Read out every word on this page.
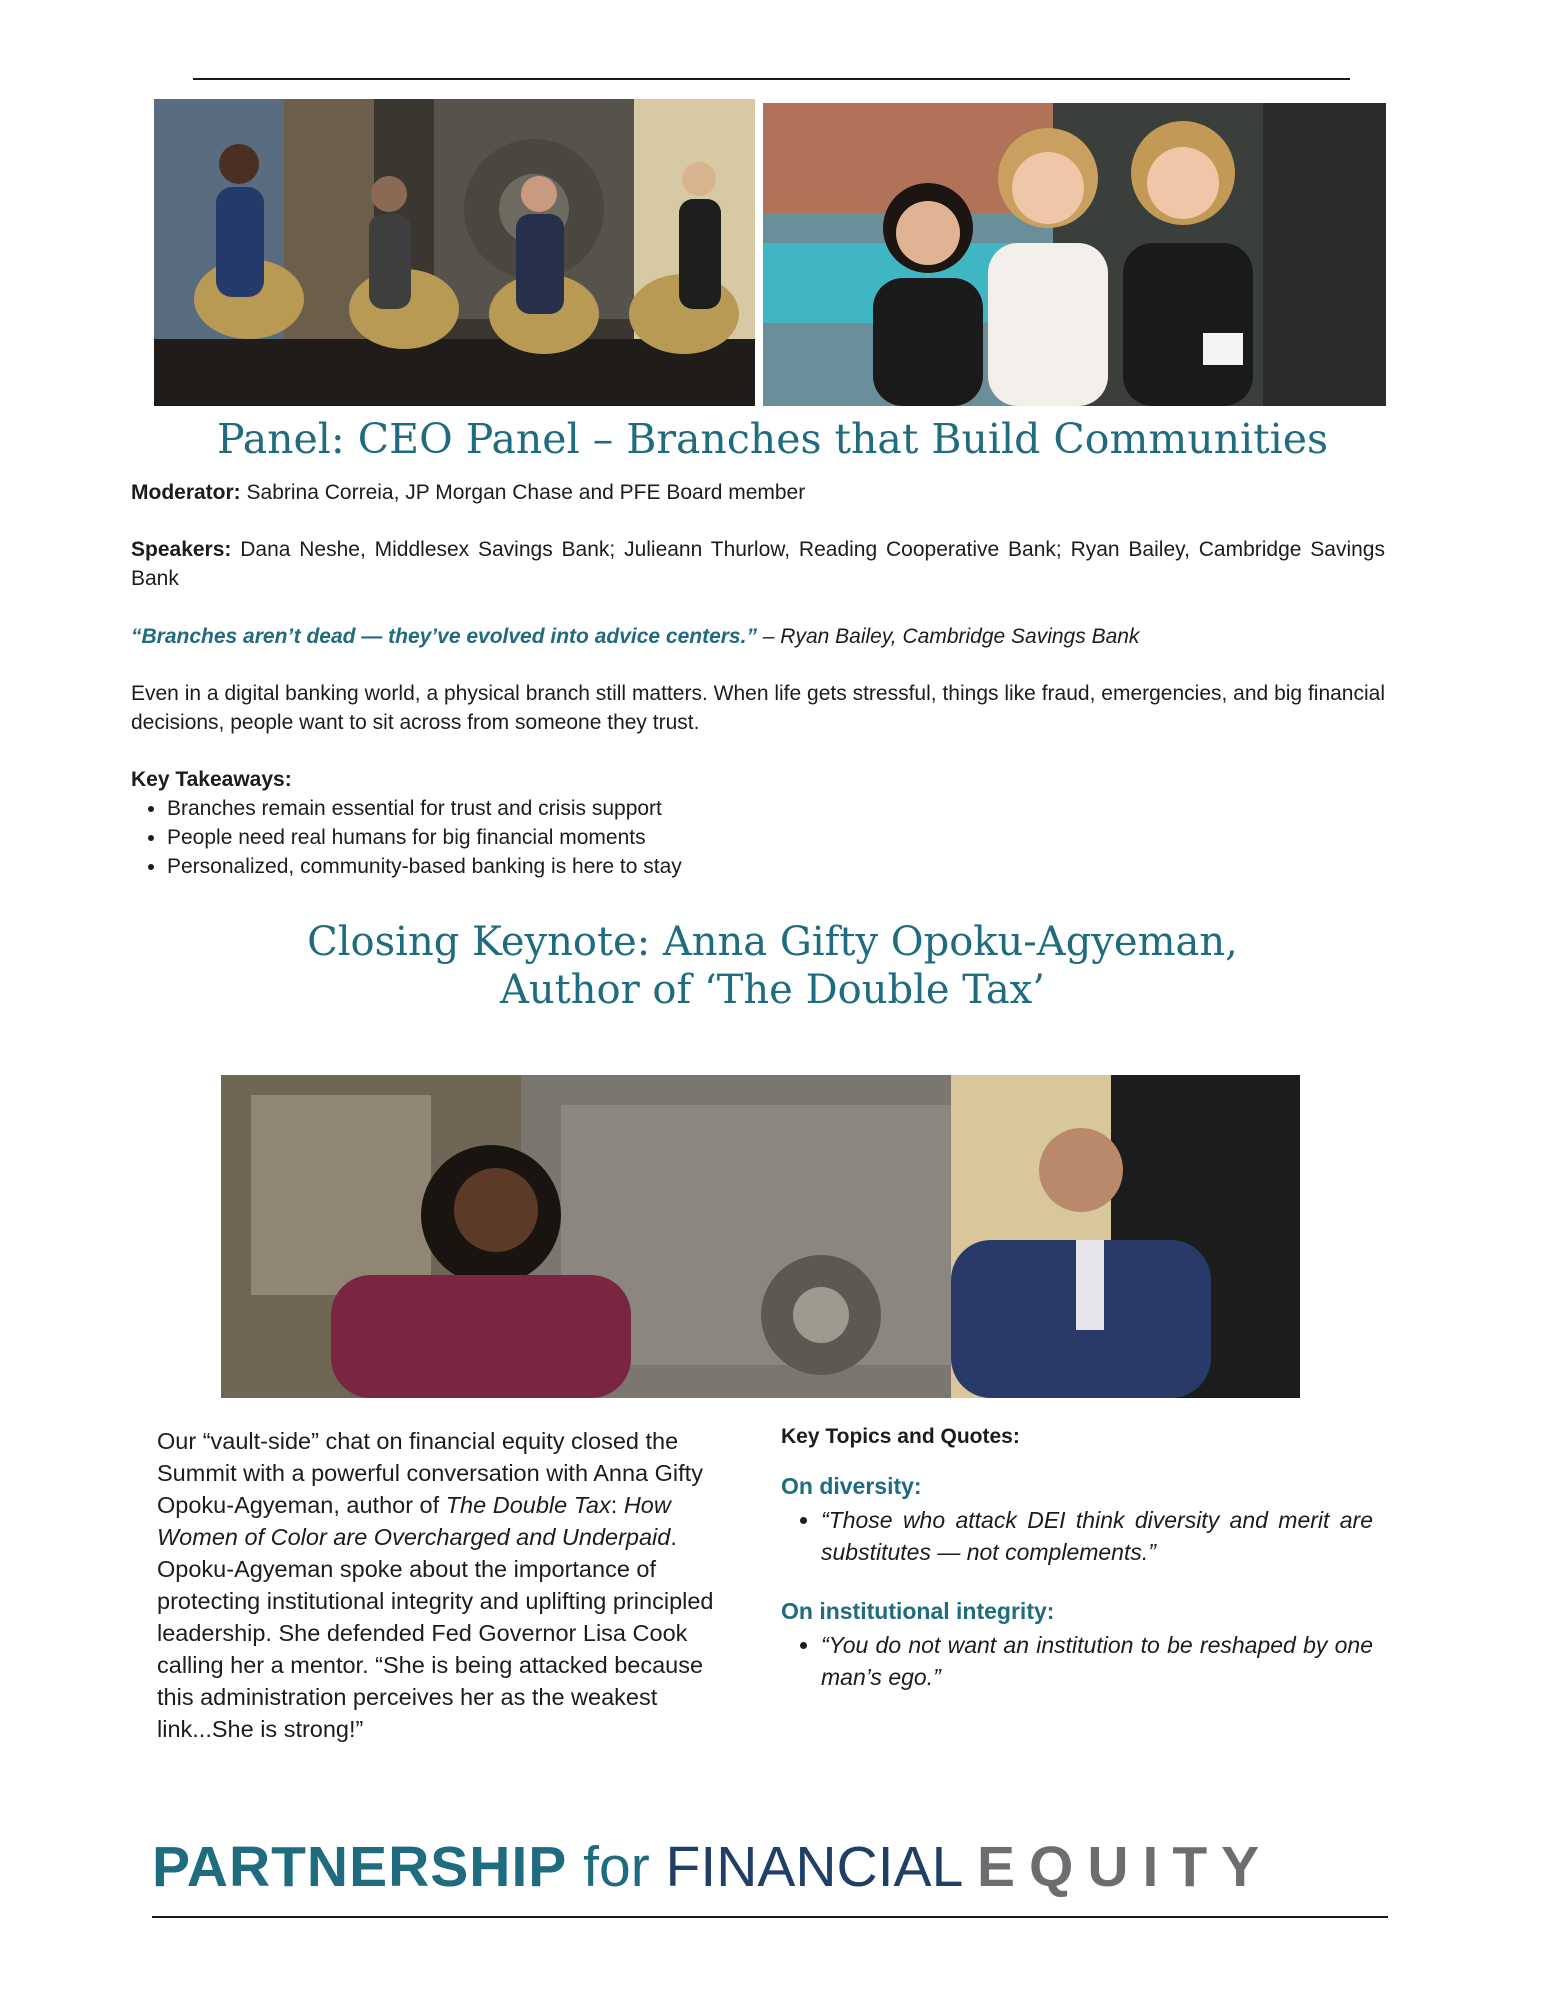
Panel: CEO Panel – Branches that Build Communities

Moderator: Sabrina Correia, JP Morgan Chase and PFE Board member

Speakers: Dana Neshe, Middlesex Savings Bank; Julieann Thurlow, Reading Cooperative Bank; Ryan Bailey, Cambridge Savings Bank

“Branches aren’t dead — they’ve evolved into advice centers.” – Ryan Bailey, Cambridge Savings Bank

Even in a digital banking world, a physical branch still matters. When life gets stressful, things like fraud, emergencies, and big financial decisions, people want to sit across from someone they trust.

Key Takeaways:

• Branches remain essential for trust and crisis support
• People need real humans for big financial moments
• Personalized, community-based banking is here to stay
Closing Keynote: Anna Gifty Opoku-Agyeman,
Author of ‘The Double Tax’

Our “vault-side” chat on financial equity closed the Summit with a powerful conversation with Anna Gifty Opoku-Agyeman, author of The Double Tax: How Women of Color are Overcharged and Underpaid. Opoku-Agyeman spoke about the importance of protecting institutional integrity and uplifting principled leadership. She defended Fed Governor Lisa Cook calling her a mentor. “She is being attacked because this administration perceives her as the weakest link...She is strong!”

Key Topics and Quotes:

On diversity:

• “Those who attack DEI think diversity and merit are substitutes — not complements.”

On institutional integrity:

• “You do not want an institution to be reshaped by one man’s ego.”
PARTNERSHIP for FINANCIAL EQUITY
